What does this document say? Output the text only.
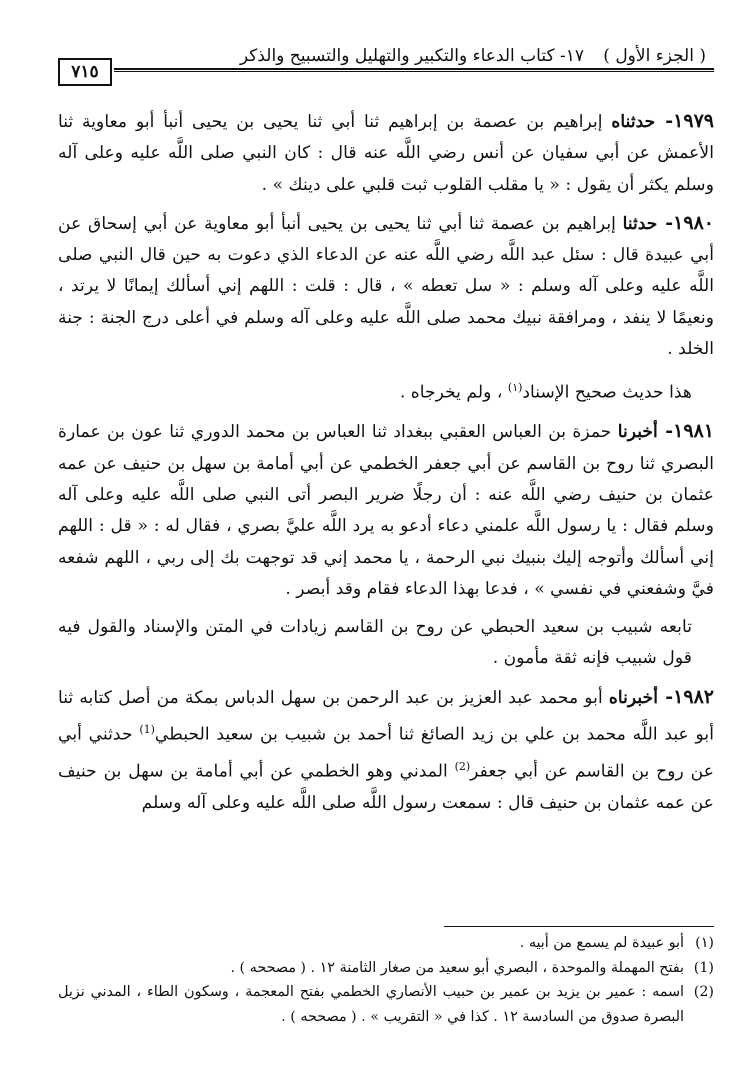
( الجزء الأول )
١٧- كتاب الدعاء والتكبير والتهليل والتسبيح والذكر
٧١٥

١٩٧٩- حدثناه إبراهيم بن عصمة بن إبراهيم ثنا أبي ثنا يحيى بن يحيى أنبأ أبو معاوية ثنا الأعمش عن أبي سفيان عن أنس رضي اللَّه عنه قال : كان النبي صلى اللَّه عليه وعلى آله وسلم يكثر أن يقول : « يا مقلب القلوب ثبت قلبي على دينك » .

١٩٨٠- حدثنا إبراهيم بن عصمة ثنا أبي ثنا يحيى بن يحيى أنبأ أبو معاوية عن أبي إسحاق عن أبي عبيدة قال : سئل عبد اللَّه رضي اللَّه عنه عن الدعاء الذي دعوت به حين قال النبي صلى اللَّه عليه وعلى آله وسلم : « سل تعطه » ، قال : قلت : اللهم إني أسألك إيمانًا لا يرتد ، ونعيمًا لا ينفد ، ومرافقة نبيك محمد صلى اللَّه عليه وعلى آله وسلم في أعلى درج الجنة : جنة الخلد .

هذا حديث صحيح الإسناد$^{(١)}$ ، ولم يخرجاه .

١٩٨١- أخبرنا حمزة بن العباس العقبي ببغداد ثنا العباس بن محمد الدوري ثنا عون بن عمارة البصري ثنا روح بن القاسم عن أبي جعفر الخطمي عن أبي أمامة بن سهل بن حنيف عن عمه عثمان بن حنيف رضي اللَّه عنه : أن رجلًا ضرير البصر أتى النبي صلى اللَّه عليه وعلى آله وسلم فقال : يا رسول اللَّه علمني دعاء أدعو به يرد اللَّه عليَّ بصري ، فقال له : « قل : اللهم إني أسألك وأتوجه إليك بنبيك نبي الرحمة ، يا محمد إني قد توجهت بك إلى ربي ، اللهم شفعه فيَّ وشفعني في نفسي » ، فدعا بهذا الدعاء فقام وقد أبصر .

تابعه شبيب بن سعيد الحبطي عن روح بن القاسم زيادات في المتن والإسناد والقول فيه قول شبيب فإنه ثقة مأمون .

١٩٨٢- أخبرناه أبو محمد عبد العزيز بن عبد الرحمن بن سهل الدباس بمكة من أصل كتابه ثنا أبو عبد اللَّه محمد بن علي بن زيد الصائغ ثنا أحمد بن شبيب بن سعيد الحبطي$^{(1)}$ حدثني أبي عن روح بن القاسم عن أبي جعفر$^{(2)}$ المدني وهو الخطمي عن أبي أمامة بن سهل بن حنيف عن عمه عثمان بن حنيف قال : سمعت رسول اللَّه صلى اللَّه عليه وعلى آله وسلم

(١)
أبو عبيدة لم يسمع من أبيه .
(1)
بفتح المهملة والموحدة ، البصري أبو سعيد من صغار الثامنة ١٢ . ( مصححه ) .
(2)
اسمه : عمير بن يزيد بن عمير بن حبيب الأنصاري الخطمي بفتح المعجمة ، وسكون الطاء ، المدني نزيل البصرة صدوق من السادسة ١٢ . كذا في « التقريب » . ( مصححه ) .
